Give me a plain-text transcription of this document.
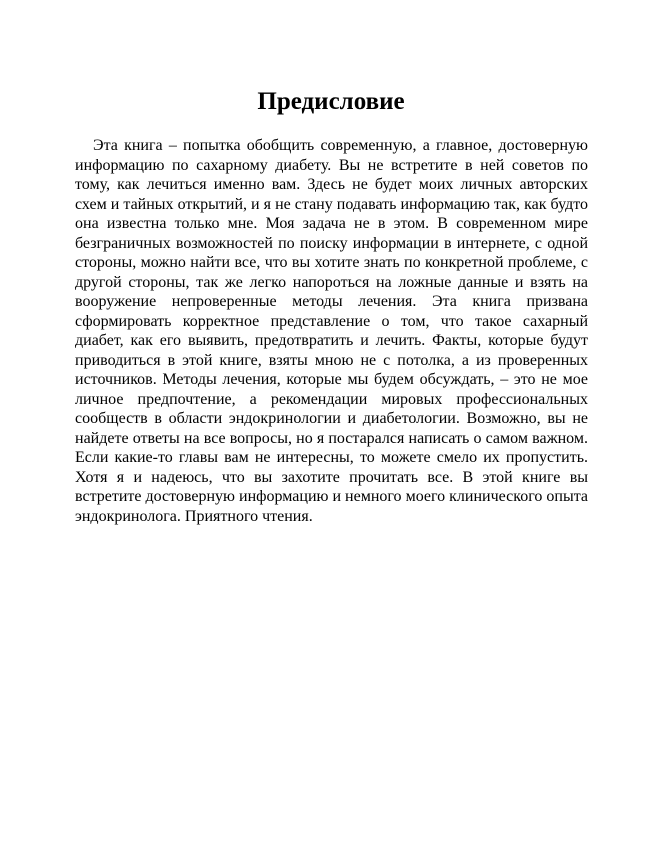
Предисловие

Эта книга – попытка обобщить современную, а главное, достоверную информацию по сахарному диабету. Вы не встретите в ней советов по тому, как лечиться именно вам. Здесь не будет моих личных авторских схем и тайных открытий, и я не стану подавать информацию так, как будто она известна только мне. Моя задача не в этом. В современном мире безграничных возможностей по поиску информации в интернете, с одной стороны, можно найти все, что вы хотите знать по конкретной проблеме, с другой стороны, так же легко напороться на ложные данные и взять на вооружение непроверенные методы лечения. Эта книга призвана сформировать корректное представление о том, что такое сахарный диабет, как его выявить, предотвратить и лечить. Факты, которые будут приводиться в этой книге, взяты мною не с потолка, а из проверенных источников. Методы лечения, которые мы будем обсуждать, – это не мое личное предпочтение, а рекомендации мировых профессиональных сообществ в области эндокринологии и диабетологии. Возможно, вы не найдете ответы на все вопросы, но я постарался написать о самом важном. Если какие-то главы вам не интересны, то можете смело их пропустить. Хотя я и надеюсь, что вы захотите прочитать все. В этой книге вы встретите достоверную информацию и немного моего клинического опыта эндокринолога. Приятного чтения.
